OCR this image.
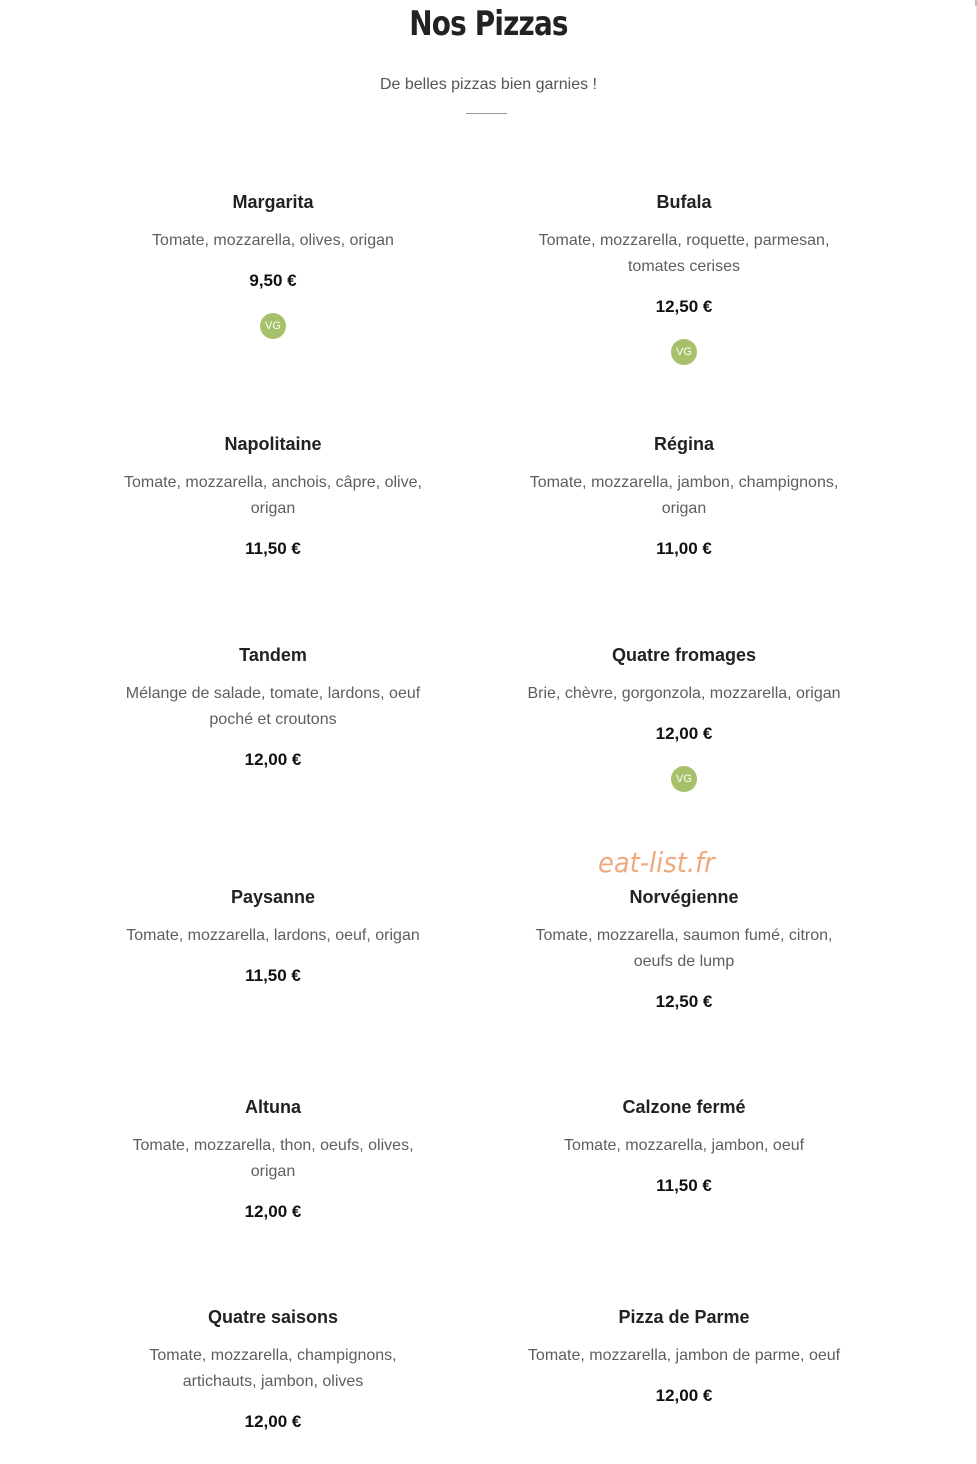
Nos Pizzas
De belles pizzas bien garnies !
Margarita
Tomate, mozzarella, olives, origan
9,50 €
VG
Bufala
Tomate, mozzarella, roquette, parmesan, tomates cerises
12,50 €
VG
Napolitaine
Tomate, mozzarella, anchois, câpre, olive, origan
11,50 €
Régina
Tomate, mozzarella, jambon, champignons, origan
11,00 €
Tandem
Mélange de salade, tomate, lardons, oeuf poché et croutons
12,00 €
Quatre fromages
Brie, chèvre, gorgonzola, mozzarella, origan
12,00 €
VG
Paysanne
Tomate, mozzarella, lardons, oeuf, origan
11,50 €
Norvégienne
Tomate, mozzarella, saumon fumé, citron, oeufs de lump
12,50 €
Altuna
Tomate, mozzarella, thon, oeufs, olives, origan
12,00 €
Calzone fermé
Tomate, mozzarella, jambon, oeuf
11,50 €
Quatre saisons
Tomate, mozzarella, champignons, artichauts, jambon, olives
12,00 €
Pizza de Parme
Tomate, mozzarella, jambon de parme, oeuf
12,00 €
eat-list.fr
